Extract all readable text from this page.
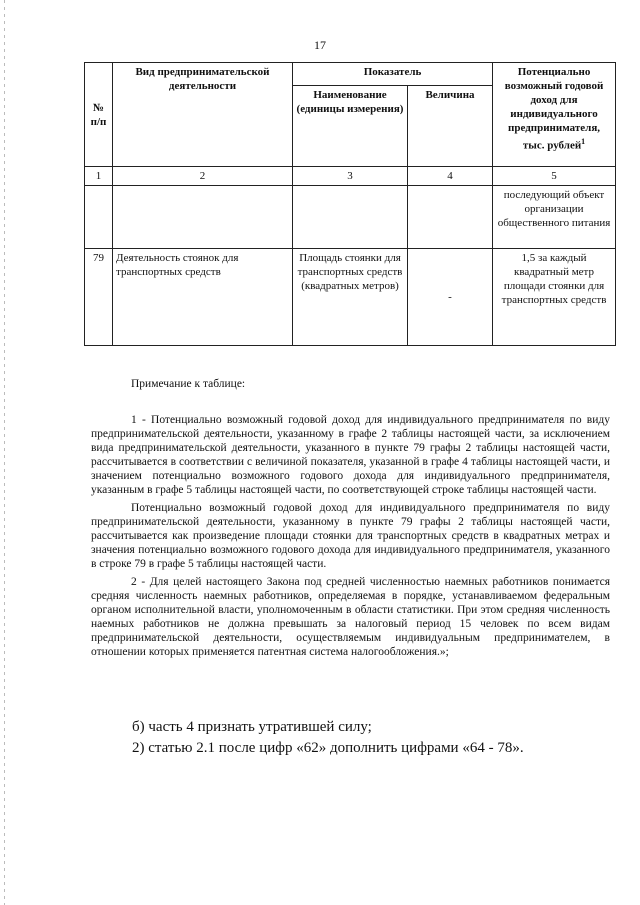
17
№ п/п	Вид предпринимательской деятельности	Показатель		Потенциально возможный годовой доход для индивидуального предпринимателя, тыс. рублей$^1$
		Наименование (единицы измерения)	Величина	
1	2	3	4	5
				последующий объект организации общественного питания
79	Деятельность стоянок для транспортных средств	Площадь стоянки для транспортных средств (квадратных метров)	-	1,5 за каждый квадратный метр площади стоянки для транспортных средств

Примечание к таблице:

1 - Потенциально возможный годовой доход для индивидуального предпринимателя по виду предпринимательской деятельности, указанному в графе 2 таблицы настоящей части, за исключением вида предпринимательской деятельности, указанного в пункте 79 графы 2 таблицы настоящей части, рассчитывается в соответствии с величиной показателя, указанной в графе 4 таблицы настоящей части, и значением потенциально возможного годового дохода для индивидуального предпринимателя, указанным в графе 5 таблицы настоящей части, по соответствующей строке таблицы настоящей части.

Потенциально возможный годовой доход для индивидуального предпринимателя по виду предпринимательской деятельности, указанному в пункте 79 графы 2 таблицы настоящей части, рассчитывается как произведение площади стоянки для транспортных средств в квадратных метрах и значения потенциально возможного годового дохода для индивидуального предпринимателя, указанного в строке 79 в графе 5 таблицы настоящей части.

2 - Для целей настоящего Закона под средней численностью наемных работников понимается средняя численность наемных работников, определяемая в порядке, устанавливаемом федеральным органом исполнительной власти, уполномоченным в области статистики. При этом средняя численность наемных работников не должна превышать за налоговый период 15 человек по всем видам предпринимательской деятельности, осуществляемым индивидуальным предпринимателем, в отношении которых применяется патентная система налогообложения.»;

б) часть 4 признать утратившей силу;
2) статью 2.1 после цифр «62» дополнить цифрами «64 - 78».
